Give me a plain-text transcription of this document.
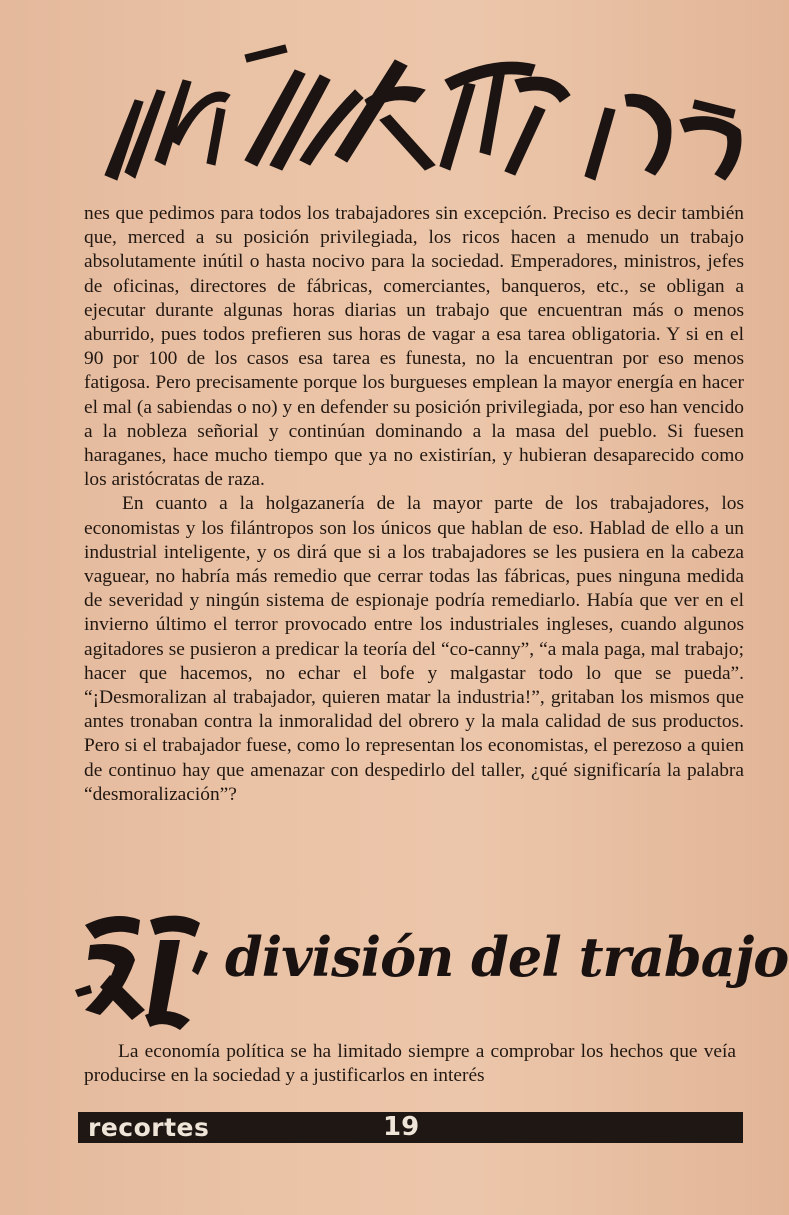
nes que pedimos para todos los trabajadores sin excepción. Preciso es decir también que, merced a su posición privilegiada, los ricos hacen a menudo un trabajo absolutamente inútil o hasta nocivo para la sociedad. Emperadores, ministros, jefes de oficinas, directores de fábricas, comerciantes, banqueros, etc., se obligan a ejecutar durante algunas horas diarias un trabajo que encuentran más o menos aburrido, pues todos prefieren sus horas de vagar a esa tarea obligatoria. Y si en el 90 por 100 de los casos esa tarea es funesta, no la encuentran por eso menos fatigosa. Pero precisamente porque los burgueses emplean la mayor energía en hacer el mal (a sabiendas o no) y en defender su posición privilegiada, por eso han vencido a la nobleza señorial y continúan dominando a la masa del pueblo. Si fuesen haraganes, hace mucho tiempo que ya no existirían, y hubieran desaparecido como los aristócratas de raza.

En cuanto a la holgazanería de la mayor parte de los trabajadores, los economistas y los filántropos son los únicos que hablan de eso. Hablad de ello a un industrial inteligente, y os dirá que si a los trabajadores se les pusiera en la cabeza vaguear, no habría más remedio que cerrar todas las fábricas, pues ninguna medida de severidad y ningún sistema de espionaje podría remediarlo. Había que ver en el invierno último el terror provocado entre los industriales ingleses, cuando algunos agitadores se pusieron a predicar la teoría del “co-canny”, “a mala paga, mal trabajo; hacer que hacemos, no echar el bofe y malgastar todo lo que se pueda”. “¡Desmoralizan al trabajador, quieren matar la industria!”, gritaban los mismos que antes tronaban contra la inmoralidad del obrero y la mala calidad de sus productos. Pero si el trabajador fuese, como lo representan los economistas, el perezoso a quien de continuo hay que amenazar con despedirlo del taller, ¿qué significaría la palabra “desmoralización”?

división del trabajo

La economía política se ha limitado siempre a comprobar los hechos que veía producirse en la sociedad y a justificarlos en interés

recortes	19
